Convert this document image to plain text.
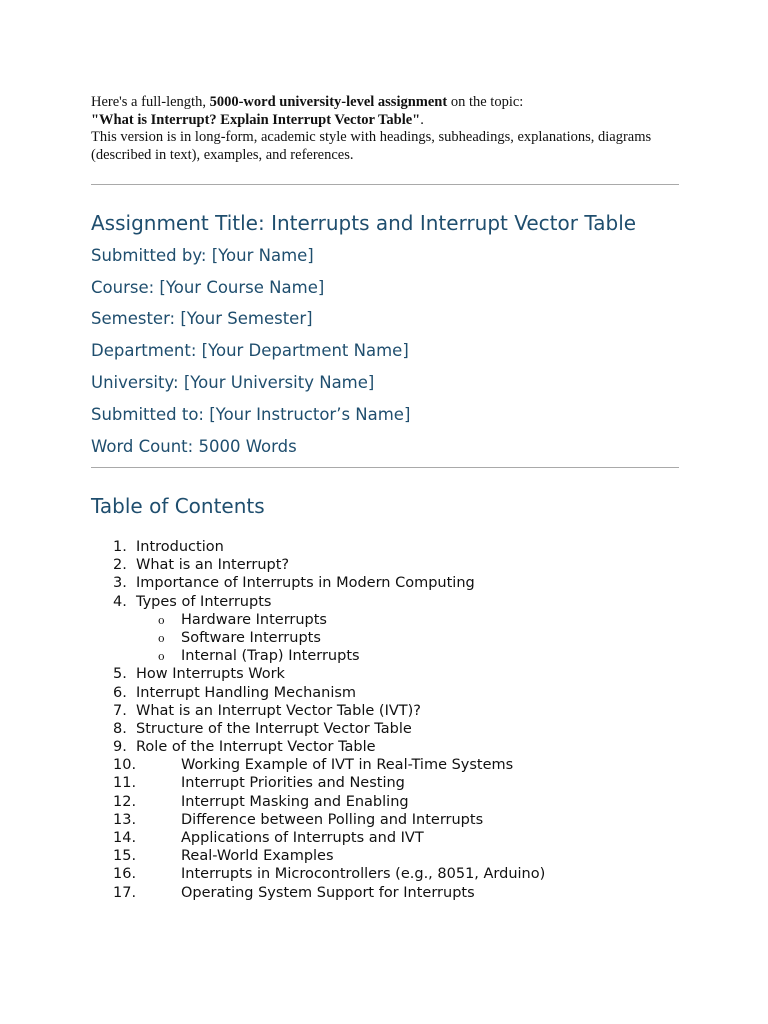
Here's a full-length, 5000-word university-level assignment on the topic:

"What is Interrupt? Explain Interrupt Vector Table".

This version is in long-form, academic style with headings, subheadings, explanations, diagrams (described in text), examples, and references.

Assignment Title: Interrupts and Interrupt Vector Table

Submitted by: [Your Name]

Course: [Your Course Name]

Semester: [Your Semester]

Department: [Your Department Name]

University: [Your University Name]

Submitted to: [Your Instructor’s Name]

Word Count: 5000 Words

Table of Contents
1. Introduction
2. What is an Interrupt?
3. Importance of Interrupts in Modern Computing
4. Types of Interrupts
o Hardware Interrupts
o Software Interrupts
o Internal (Trap) Interrupts
5. How Interrupts Work
6. Interrupt Handling Mechanism
7. What is an Interrupt Vector Table (IVT)?
8. Structure of the Interrupt Vector Table
9. Role of the Interrupt Vector Table
10.	Working Example of IVT in Real-Time Systems
11.	Interrupt Priorities and Nesting
12.	Interrupt Masking and Enabling
13.	Difference between Polling and Interrupts
14.	Applications of Interrupts and IVT
15.	Real-World Examples
16.	Interrupts in Microcontrollers (e.g., 8051, Arduino)
17.	Operating System Support for Interrupts
